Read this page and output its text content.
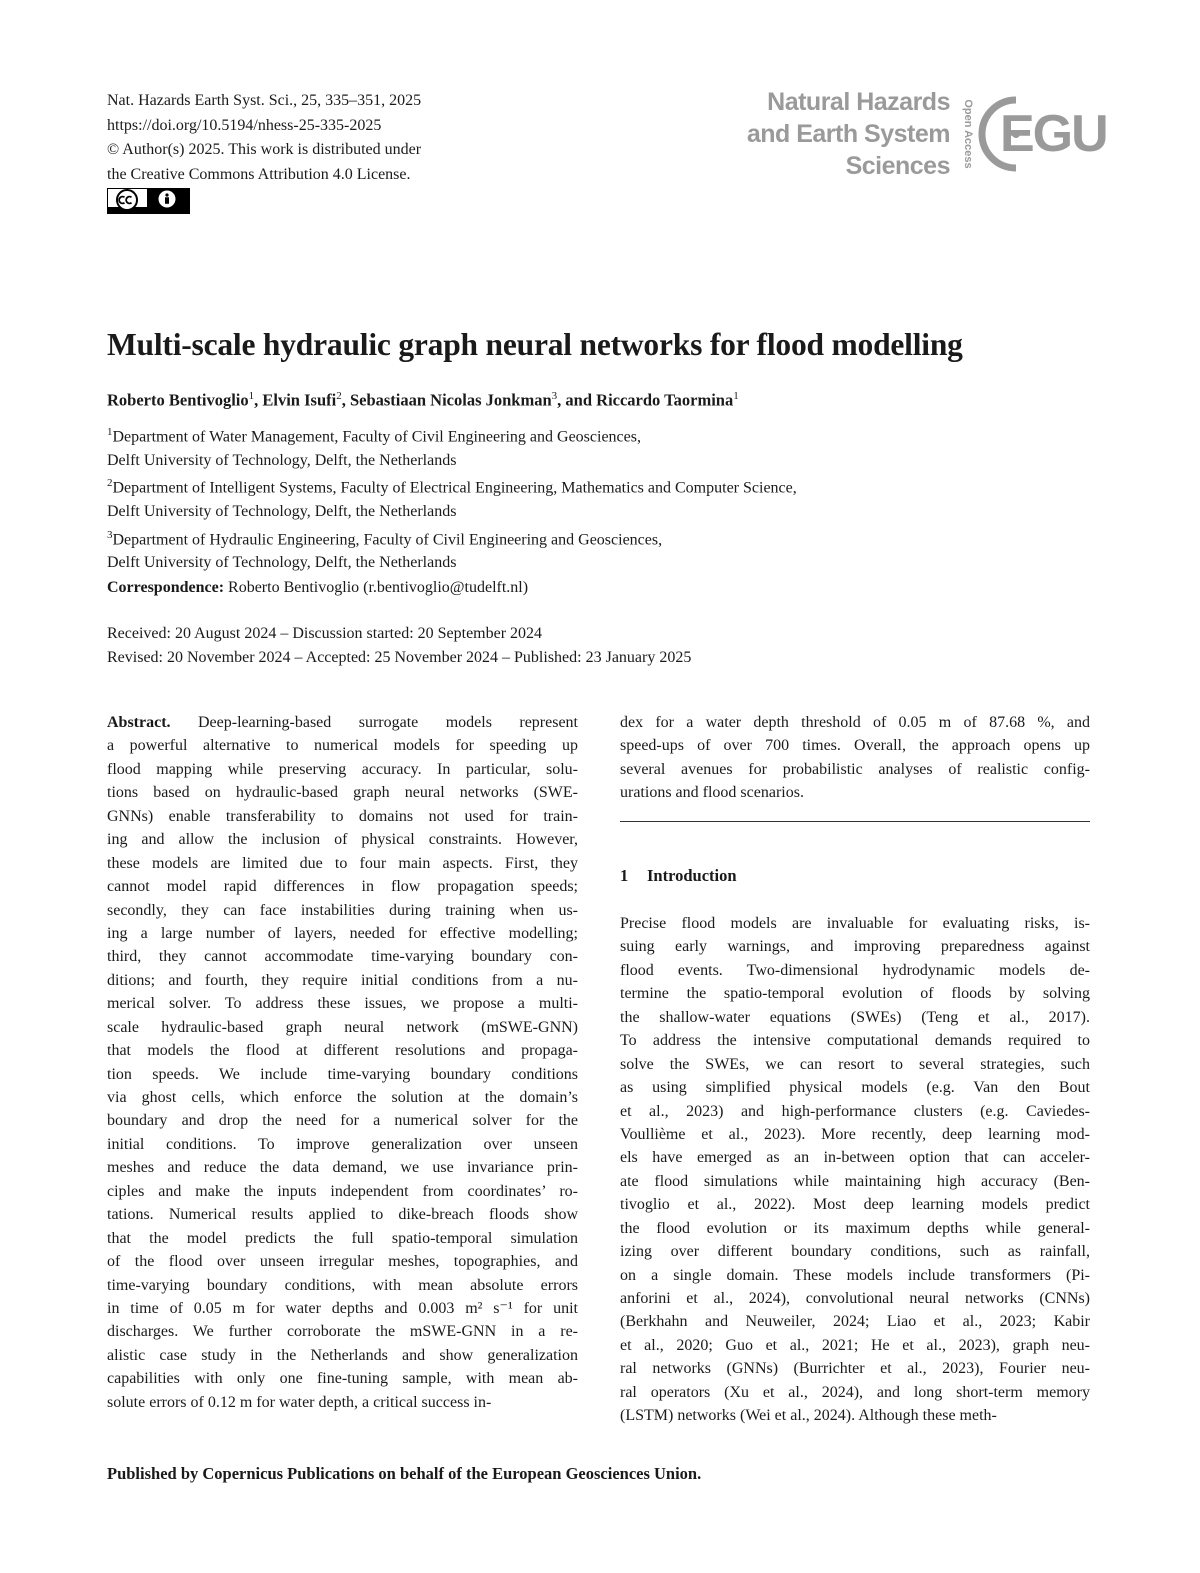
Nat. Hazards Earth Syst. Sci., 25, 335–351, 2025
https://doi.org/10.5194/nhess-25-335-2025
© Author(s) 2025. This work is distributed under
the Creative Commons Attribution 4.0 License.
Natural Hazards
and Earth System
Sciences	Open Access EGU
Multi-scale hydraulic graph neural networks for flood modelling
Roberto Bentivoglio$^1$, Elvin Isufi$^2$, Sebastiaan Nicolas Jonkman$^3$, and Riccardo Taormina$^1$
$^1$Department of Water Management, Faculty of Civil Engineering and Geosciences,
Delft University of Technology, Delft, the Netherlands
$^2$Department of Intelligent Systems, Faculty of Electrical Engineering, Mathematics and Computer Science,
Delft University of Technology, Delft, the Netherlands
$^3$Department of Hydraulic Engineering, Faculty of Civil Engineering and Geosciences,
Delft University of Technology, Delft, the Netherlands
Correspondence: Roberto Bentivoglio (r.bentivoglio@tudelft.nl)
Received: 20 August 2024 – Discussion started: 20 September 2024
Revised: 20 November 2024 – Accepted: 25 November 2024 – Published: 23 January 2025
Abstract. Deep-learning-based surrogate models represent
a powerful alternative to numerical models for speeding up
flood mapping while preserving accuracy. In particular, solu-
tions based on hydraulic-based graph neural networks (SWE-
GNNs) enable transferability to domains not used for train-
ing and allow the inclusion of physical constraints. However,
these models are limited due to four main aspects. First, they
cannot model rapid differences in flow propagation speeds;
secondly, they can face instabilities during training when us-
ing a large number of layers, needed for effective modelling;
third, they cannot accommodate time-varying boundary con-
ditions; and fourth, they require initial conditions from a nu-
merical solver. To address these issues, we propose a multi-
scale hydraulic-based graph neural network (mSWE-GNN)
that models the flood at different resolutions and propaga-
tion speeds. We include time-varying boundary conditions
via ghost cells, which enforce the solution at the domain’s
boundary and drop the need for a numerical solver for the
initial conditions. To improve generalization over unseen
meshes and reduce the data demand, we use invariance prin-
ciples and make the inputs independent from coordinates’ ro-
tations. Numerical results applied to dike-breach floods show
that the model predicts the full spatio-temporal simulation
of the flood over unseen irregular meshes, topographies, and
time-varying boundary conditions, with mean absolute errors
in time of 0.05 m for water depths and 0.003 m² s⁻¹ for unit
discharges. We further corroborate the mSWE-GNN in a re-
alistic case study in the Netherlands and show generalization
capabilities with only one fine-tuning sample, with mean ab-
solute errors of 0.12 m for water depth, a critical success in-
dex for a water depth threshold of 0.05 m of 87.68 %, and
speed-ups of over 700 times. Overall, the approach opens up
several avenues for probabilistic analyses of realistic config-
urations and flood scenarios.
1 Introduction
Precise flood models are invaluable for evaluating risks, is-
suing early warnings, and improving preparedness against
flood events. Two-dimensional hydrodynamic models de-
termine the spatio-temporal evolution of floods by solving
the shallow-water equations (SWEs) (Teng et al., 2017).
To address the intensive computational demands required to
solve the SWEs, we can resort to several strategies, such
as using simplified physical models (e.g. Van den Bout
et al., 2023) and high-performance clusters (e.g. Caviedes-
Voullième et al., 2023). More recently, deep learning mod-
els have emerged as an in-between option that can acceler-
ate flood simulations while maintaining high accuracy (Ben-
tivoglio et al., 2022). Most deep learning models predict
the flood evolution or its maximum depths while general-
izing over different boundary conditions, such as rainfall,
on a single domain. These models include transformers (Pi-
anforini et al., 2024), convolutional neural networks (CNNs)
(Berkhahn and Neuweiler, 2024; Liao et al., 2023; Kabir
et al., 2020; Guo et al., 2021; He et al., 2023), graph neu-
ral networks (GNNs) (Burrichter et al., 2023), Fourier neu-
ral operators (Xu et al., 2024), and long short-term memory
(LSTM) networks (Wei et al., 2024). Although these meth-
Published by Copernicus Publications on behalf of the European Geosciences Union.
